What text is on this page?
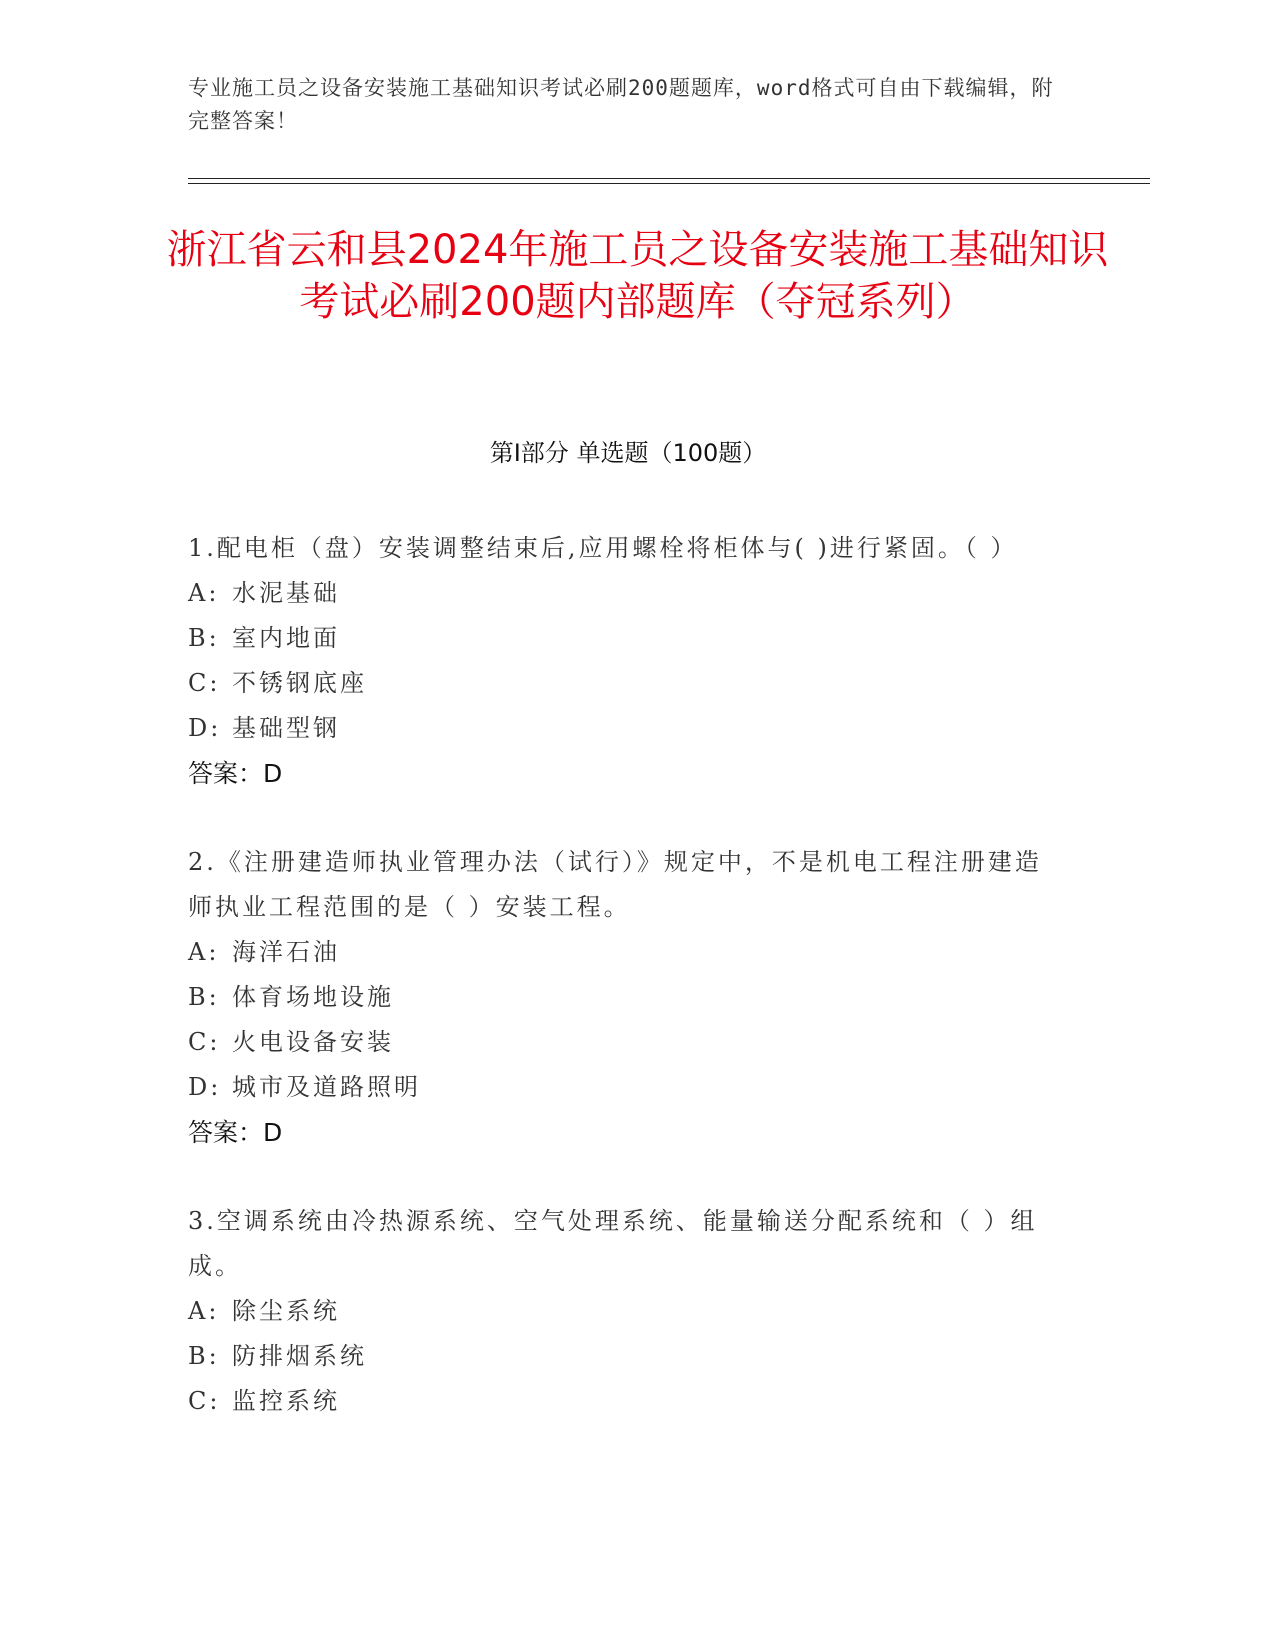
专业施工员之设备安装施工基础知识考试必刷200题题库，word格式可自由下载编辑，附完整答案！
浙江省云和县2024年施工员之设备安装施工基础知识考试必刷200题内部题库（夺冠系列）
第Ⅰ部分 单选题（100题）
1.配电柜（盘）安装调整结束后,应用螺栓将柜体与( )进行紧固。（ ）
A: 水泥基础
B: 室内地面
C: 不锈钢底座
D: 基础型钢
答案：D
2.《注册建造师执业管理办法（试行）》规定中，不是机电工程注册建造师执业工程范围的是（ ）安装工程。
A: 海洋石油
B: 体育场地设施
C: 火电设备安装
D: 城市及道路照明
答案：D
3.空调系统由冷热源系统、空气处理系统、能量输送分配系统和（ ）组成。
A: 除尘系统
B: 防排烟系统
C: 监控系统
